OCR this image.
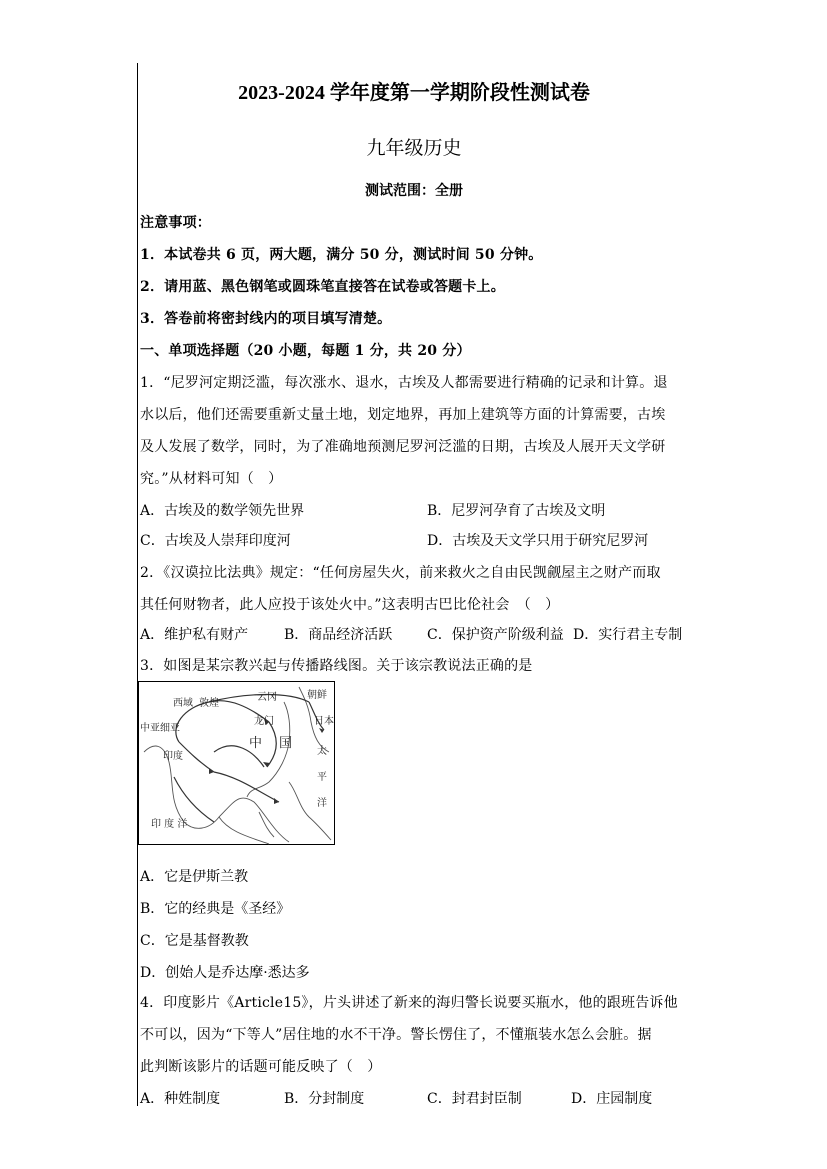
2023-2024 学年度第一学期阶段性测试卷
九年级历史
测试范围：全册
注意事项：
1．本试卷共 6 页，两大题，满分 50 分，测试时间 50 分钟。
2．请用蓝、黑色钢笔或圆珠笔直接答在试卷或答题卡上。
3．答卷前将密封线内的项目填写清楚。
一、单项选择题（20 小题，每题 1 分，共 20 分）
1．“尼罗河定期泛滥，每次涨水、退水，古埃及人都需要进行精确的记录和计算。退
水以后，他们还需要重新丈量土地，划定地界，再加上建筑等方面的计算需要，古埃
及人发展了数学，同时，为了准确地预测尼罗河泛滥的日期，古埃及人展开天文学研
究。”从材料可知（　）
A．古埃及的数学领先世界	B．尼罗河孕育了古埃及文明
C．古埃及人崇拜印度河	D．古埃及天文学只用于研究尼罗河
2．《汉谟拉比法典》规定：“任何房屋失火，前来救火之自由民觊觎屋主之财产而取
其任何财物者，此人应投于该处火中。”这表明古巴比伦社会　（　）
A．维护私有财产	B．商品经济活跃 C．保护资产阶级利益 D．实行君主专制
3．如图是某宗教兴起与传播路线图。关于该宗教说法正确的是
西域 敦煌
中亚细亚
印度
云冈
龙门
中 国
朝鲜
日本
太
平
洋
印 度 洋
A．它是伊斯兰教
B．它的经典是《圣经》
C．它是基督教教
D．创始人是乔达摩·悉达多
4．印度影片《Article15》，片头讲述了新来的海归警长说要买瓶水，他的跟班告诉他
不可以，因为“下等人”居住地的水不干净。警长愣住了，不懂瓶装水怎么会脏。据
此判断该影片的话题可能反映了（　）
A．种姓制度	B．分封制度	C．封君封臣制	D．庄园制度
